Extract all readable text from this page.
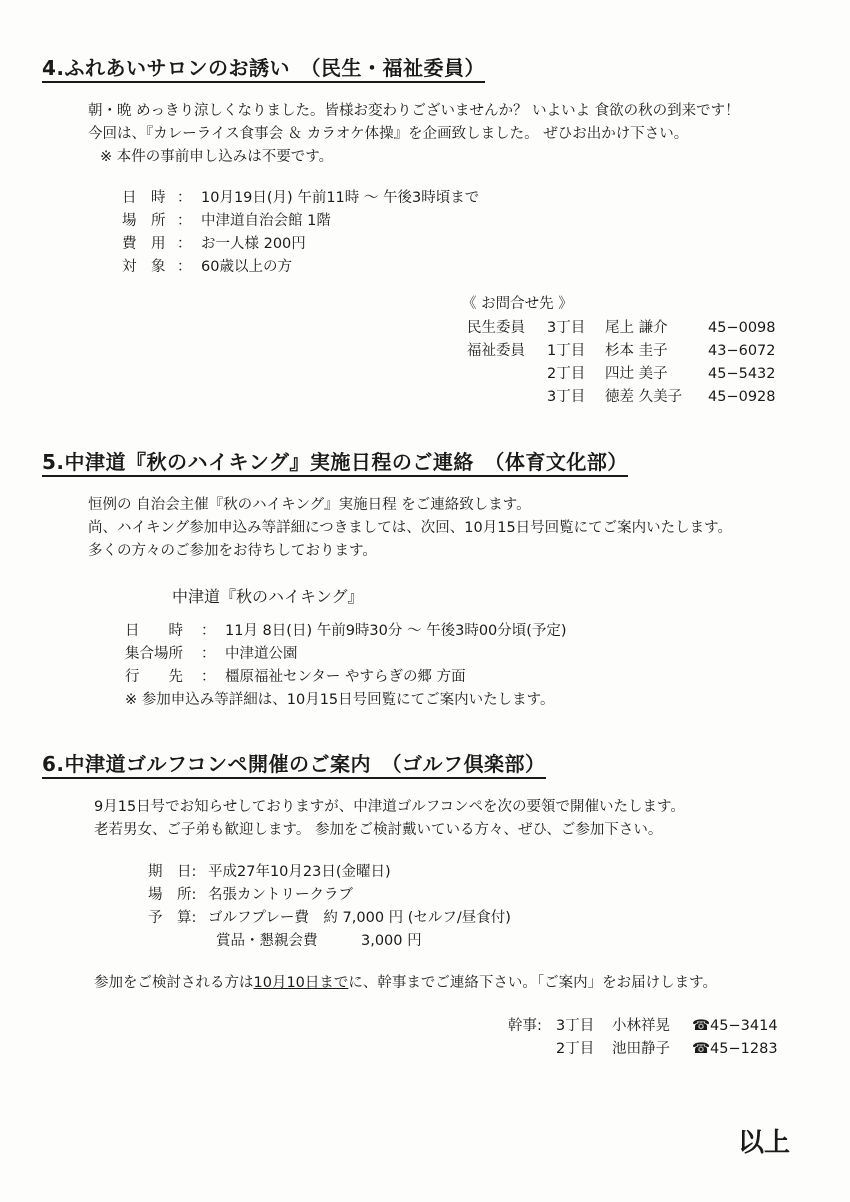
4.ふれあいサロンのお誘い　（民生・福祉委員）
朝・晩 めっきり涼しくなりました。皆様お変わりございませんか？ いよいよ 食欲の秋の到来です！
今回は、『カレーライス食事会 ＆ カラオケ体操』を企画致しました。 ぜひお出かけ下さい。
※ 本件の事前申し込みは不要です。
日　時 ： 10月19日(月) 午前11時 〜 午後3時頃まで
場　所 ： 中津道自治会館 1階
費　用 ： お一人様 200円
対　象 ： 60歳以上の方
《 お問合せ先 》
民生委員	3丁目	尾上 謙介	45−0098
福祉委員	1丁目	杉本 圭子	43−6072
2丁目	四辻 美子	45−5432
3丁目	徳差 久美子	45−0928
5.中津道『秋のハイキング』実施日程のご連絡　（体育文化部）
恒例の 自治会主催『秋のハイキング』実施日程 をご連絡致します。
尚、ハイキング参加申込み等詳細につきましては、次回、10月15日号回覧にてご案内いたします。
多くの方々のご参加をお待ちしております。
中津道『秋のハイキング』
日　　時	： 11月 8日(日) 午前9時30分 〜 午後3時00分頃(予定)
集合場所	： 中津道公園
行　　先	： 橿原福祉センター やすらぎの郷 方面
※ 参加申込み等詳細は、10月15日号回覧にてご案内いたします。
6.中津道ゴルフコンペ開催のご案内　（ゴルフ倶楽部）
9月15日号でお知らせしておりますが、中津道ゴルフコンペを次の要領で開催いたします。
老若男女、ご子弟も歓迎します。 参加をご検討戴いている方々、ぜひ、ご参加下さい。
期　日: 平成27年10月23日(金曜日)
場　所: 名張カントリークラブ
予　算: ゴルフプレー費　約 7,000 円 (セルフ/昼食付)
賞品・懇親会費　　　3,000 円
参加をご検討される方は10月10日までに、幹事までご連絡下さい。「ご案内」をお届けします。
幹事: 3丁目	小林祥晃	☎45−3414
2丁目	池田静子	☎45−1283
以上
